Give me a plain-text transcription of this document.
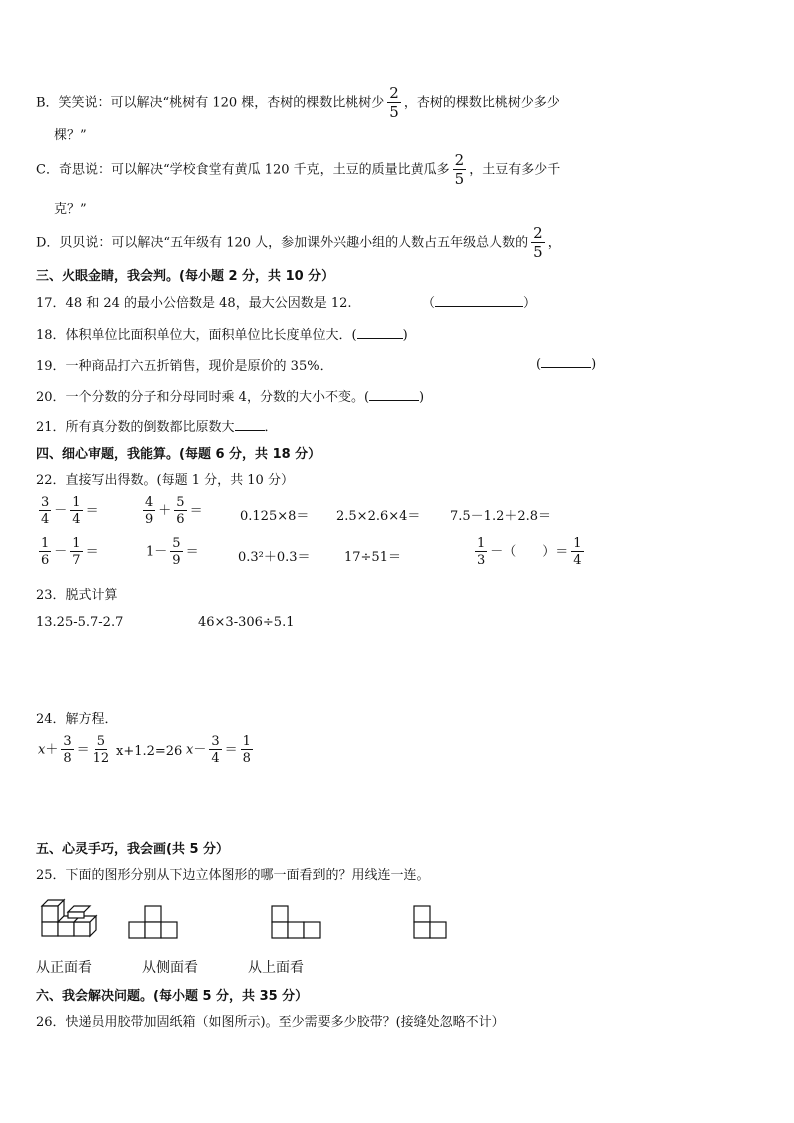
B．笑笑说：可以解决“桃树有 120 棵，杏树的棵数比桃树少 $\frac{2}{5}$ ，杏树的棵数比桃树少多少
棵？”
C．奇思说：可以解决“学校食堂有黄瓜 120 千克，土豆的质量比黄瓜多 $\frac{2}{5}$ ，土豆有多少千
克？”
D．贝贝说：可以解决“五年级有 120 人，参加课外兴趣小组的人数占五年级总人数的 $\frac{2}{5}$ ，
三、火眼金睛，我会判。(每小题 2 分，共 10 分）
17．48 和 24 的最小公倍数是 48，最大公因数是 12.	（	）
18．体积单位比面积单位大，面积单位比长度单位大．(	)
19．一种商品打六五折销售，现价是原价的 35%．	(	)
20．一个分数的分子和分母同时乘 4，分数的大小不变。(	)
21．所有真分数的倒数都比原数大 ．
四、细心审题，我能算。(每题 6 分，共 18 分）
22．直接写出得数。(每题 1 分，共 10 分）
$\frac{3}{4} - \frac{1}{4}$ ＝	$\frac{4}{9} + \frac{5}{6}$ ＝	0.125×8＝ 2.5×2.6×4＝ 7.5－1.2＋2.8＝
$\frac{1}{6} - \frac{1}{7}$ ＝	$1- \frac{5}{9}$ ＝	0.3²＋0.3＝	17÷51＝	$\frac{1}{3}$ －（　　）＝ $\frac{1}{4}$
23．脱式计算
13.25-5.7-2.7	46×3-306÷5.1
24．解方程．
$x+ \frac{3}{8} = \frac{5}{12} x+1.2=26$ $x- \frac{3}{4} = \frac{1}{8}$
五、心灵手巧，我会画(共 5 分）
25．下面的图形分别从下边立体图形的哪一面看到的？用线连一连。
从正面看	从侧面看	从上面看
六、我会解决问题。(每小题 5 分，共 35 分）
26．快递员用胶带加固纸箱（如图所示)。至少需要多少胶带？(接缝处忽略不计）
